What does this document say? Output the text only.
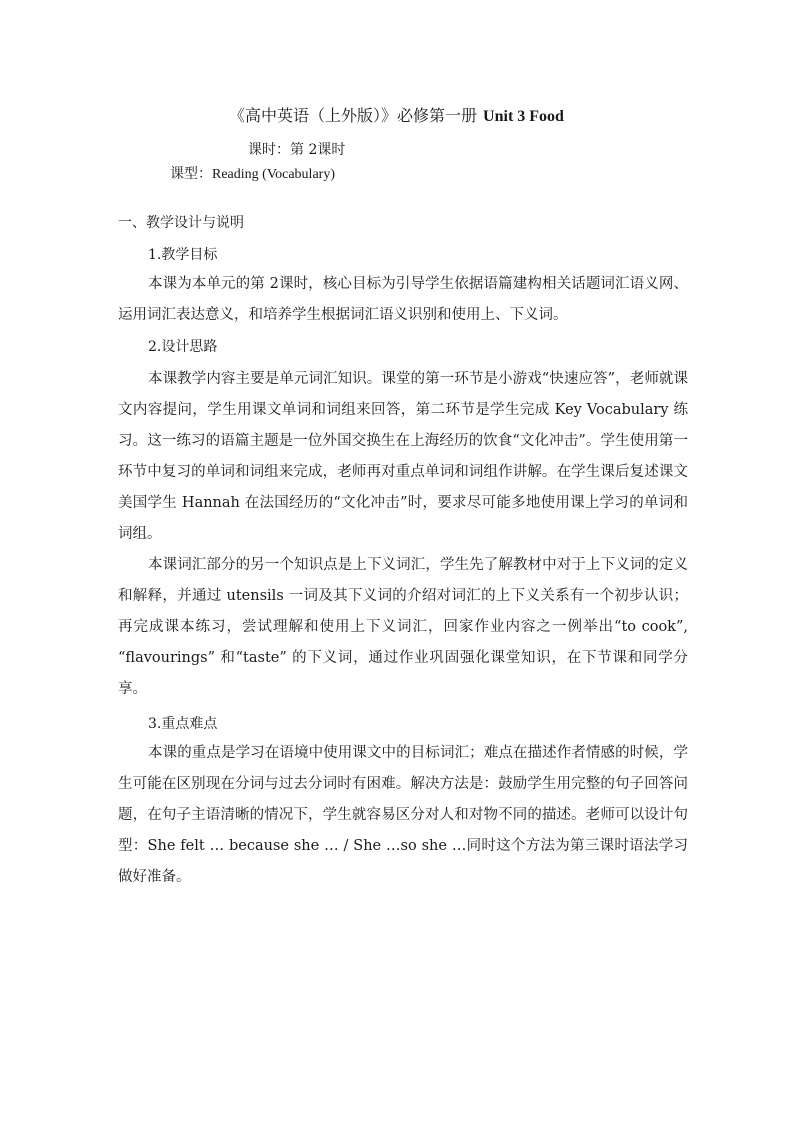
《高中英语（上外版）》必修第一册 Unit 3 Food
课时：第 2课时
课型：Reading (Vocabulary)
一、教学设计与说明
1.教学目标

本课为本单元的第 2课时，核心目标为引导学生依据语篇建构相关话题词汇语义网、运用词汇表达意义，和培养学生根据词汇语义识别和使用上、下义词。

2.设计思路

本课教学内容主要是单元词汇知识。课堂的第一环节是小游戏“快速应答”，老师就课文内容提问，学生用课文单词和词组来回答，第二环节是学生完成 Key Vocabulary 练习。这一练习的语篇主题是一位外国交换生在上海经历的饮食“文化冲击”。学生使用第一环节中复习的单词和词组来完成，老师再对重点单词和词组作讲解。在学生课后复述课文美国学生 Hannah 在法国经历的“文化冲击”时，要求尽可能多地使用课上学习的单词和词组。

本课词汇部分的另一个知识点是上下义词汇，学生先了解教材中对于上下义词的定义和解释，并通过 utensils 一词及其下义词的介绍对词汇的上下义关系有一个初步认识；再完成课本练习，尝试理解和使用上下义词汇，回家作业内容之一例举出“to cook”, “flavourings” 和“taste” 的下义词，通过作业巩固强化课堂知识，在下节课和同学分享。

3.重点难点

本课的重点是学习在语境中使用课文中的目标词汇；难点在描述作者情感的时候，学生可能在区别现在分词与过去分词时有困难。解决方法是：鼓励学生用完整的句子回答问题，在句子主语清晰的情况下，学生就容易区分对人和对物不同的描述。老师可以设计句型：She felt … because she … / She …so she …同时这个方法为第三课时语法学习做好准备。
